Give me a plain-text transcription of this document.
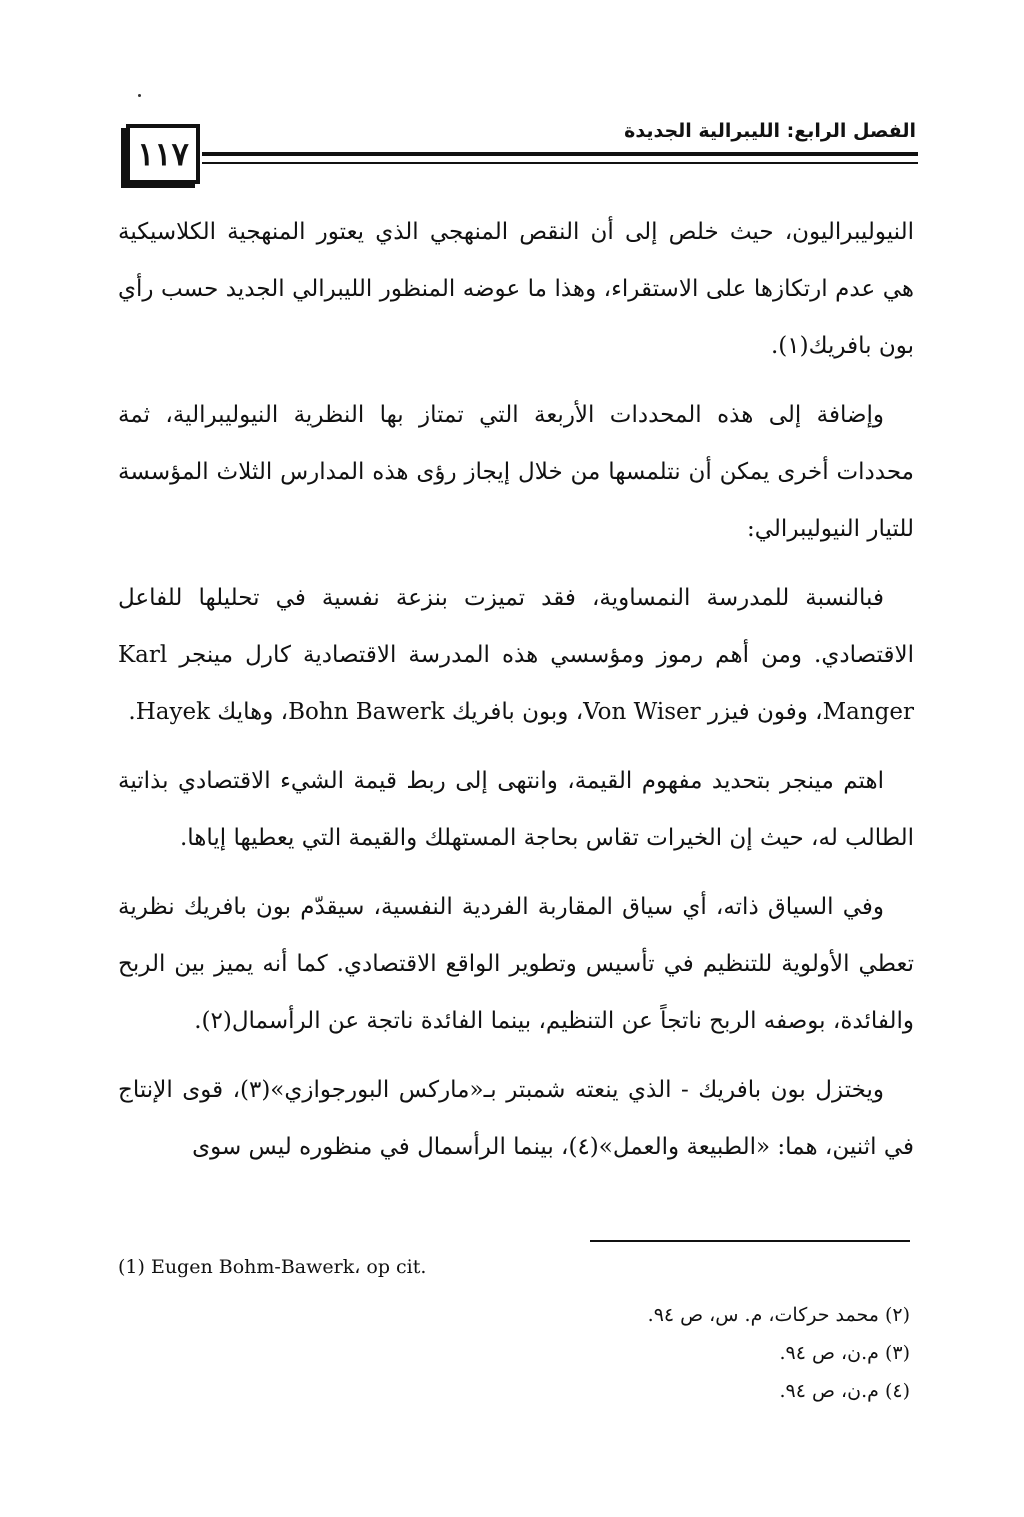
١١٧
الفصل الرابع: الليبرالية الجديدة

النيوليبراليون، حيث خلص إلى أن النقص المنهجي الذي يعتور المنهجية الكلاسيكية هي عدم ارتكازها على الاستقراء، وهذا ما عوضه المنظور الليبرالي الجديد حسب رأي بون بافريك(١).

وإضافة إلى هذه المحددات الأربعة التي تمتاز بها النظرية النيوليبرالية، ثمة محددات أخرى يمكن أن نتلمسها من خلال إيجاز رؤى هذه المدارس الثلاث المؤسسة للتيار النيوليبرالي:

فبالنسبة للمدرسة النمساوية، فقد تميزت بنزعة نفسية في تحليلها للفاعل الاقتصادي. ومن أهم رموز ومؤسسي هذه المدرسة الاقتصادية كارل مينجر Karl Manger، وفون فيزر Von Wiser، وبون بافريك Bohn Bawerk، وهايك Hayek.

اهتم مينجر بتحديد مفهوم القيمة، وانتهى إلى ربط قيمة الشيء الاقتصادي بذاتية الطالب له، حيث إن الخيرات تقاس بحاجة المستهلك والقيمة التي يعطيها إياها.

وفي السياق ذاته، أي سياق المقاربة الفردية النفسية، سيقدّم بون بافريك نظرية تعطي الأولوية للتنظيم في تأسيس وتطوير الواقع الاقتصادي. كما أنه يميز بين الربح والفائدة، بوصفه الربح ناتجاً عن التنظيم، بينما الفائدة ناتجة عن الرأسمال(٢).

ويختزل بون بافريك - الذي ينعته شمبتر بـ«ماركس البورجوازي»(٣)، قوى الإنتاج في اثنين، هما: «الطبيعة والعمل»(٤)، بينما الرأسمال في منظوره ليس سوى

(1) Eugen Bohm-Bawerk، op cit.
(٢) محمد حركات، م. س، ص ٩٤.
(٣) م.ن، ص ٩٤.
(٤) م.ن، ص ٩٤.
